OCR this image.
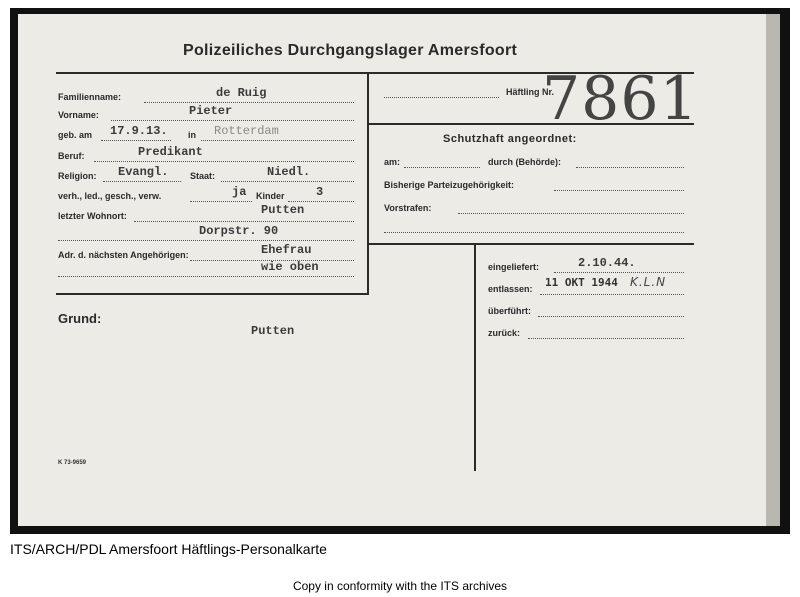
Polizeiliches Durchgangslager Amersfoort
Familienname:	de Ruig
Vorname:	Pieter
geb. am 17.9.13. in Rotterdam
Beruf:	Predikant
Religion: Evangl. Staat:	Niedl.
verh., led., gesch., verw.	ja Kinder	3
letzter Wohnort:	Putten
Dorpstr. 90
Adr. d. nächsten Angehörigen:	Ehefrau
wie oben
Häftling Nr.
7861
Schutzhaft angeordnet:
am:	durch (Behörde):
Bisherige Parteizugehörigkeit:
Vorstrafen:
eingeliefert:	2.10.44.
entlassen: 11 OKT 1944 K.L.N
überführt:
zurück:
Grund:
Putten
K 73-9659
ITS/ARCH/PDL Amersfoort Häftlings-Personalkarte
Copy in conformity with the ITS archives
